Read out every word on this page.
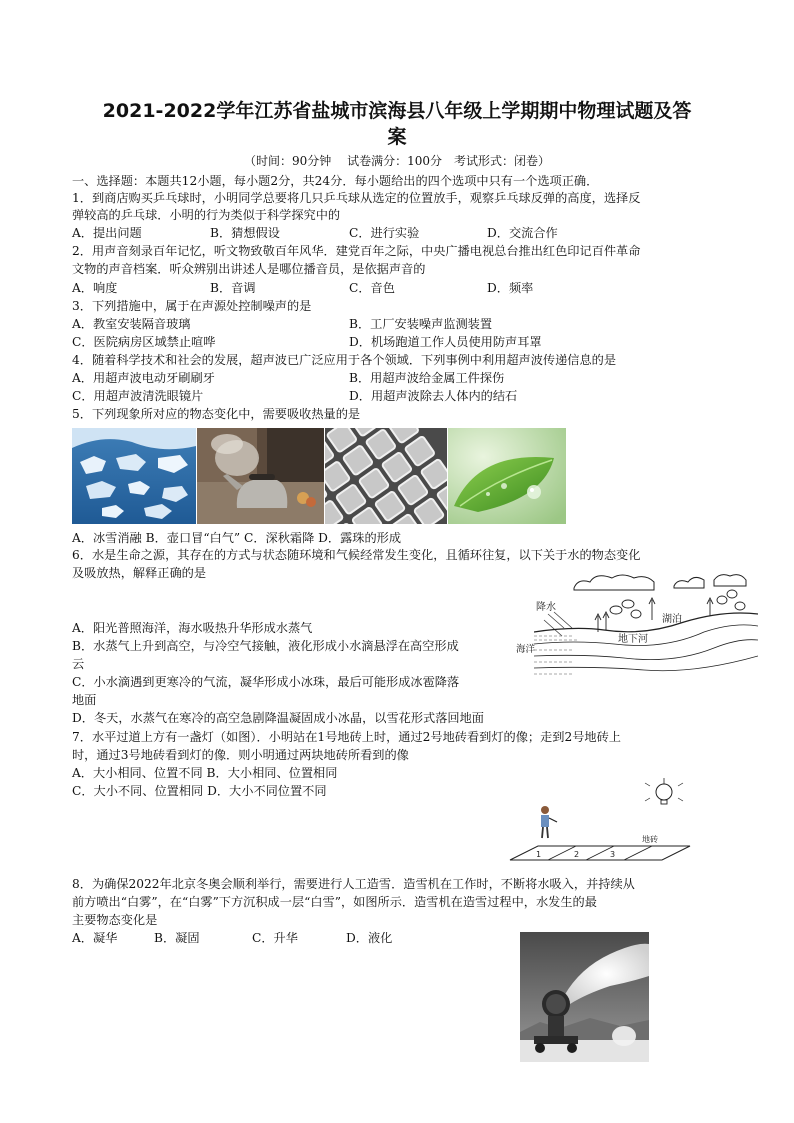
2021-2022学年江苏省盐城市滨海县八年级上学期期中物理试题及答
案
（时间：90分钟　 试卷满分：100分　考试形式：闭卷）
一、选择题：本题共12小题，每小题2分，共24分．每小题给出的四个选项中只有一个选项正确．
1．到商店购买乒乓球时，小明同学总要将几只乒乓球从选定的位置放手，观察乒乓球反弹的高度，选择反
弹较高的乒乓球．小明的行为类似于科学探究中的
A．提出问题	B．猜想假设	C．进行实验	D．交流合作
2．用声音刻录百年记忆，听文物致敬百年风华．建党百年之际，中央广播电视总台推出红色印记百件革命
文物的声音档案．听众辨别出讲述人是哪位播音员，是依据声音的
A．响度	B．音调	C．音色	D．频率
3．下列措施中，属于在声源处控制噪声的是
A．教室安装隔音玻璃	B．工厂安装噪声监测装置
C．医院病房区域禁止喧哗	D．机场跑道工作人员使用防声耳罩
4．随着科学技术和社会的发展，超声波已广泛应用于各个领域．下列事例中利用超声波传递信息的是
A．用超声波电动牙刷刷牙	B．用超声波给金属工件探伤
C．用超声波清洗眼镜片	D．用超声波除去人体内的结石
5．下列现象所对应的物态变化中，需要吸收热量的是
A．冰雪消融 B．壶口冒“白气” C．深秋霜降 D．露珠的形成
6．水是生命之源，其存在的方式与状态随环境和气候经常发生变化，且循环往复，以下关于水的物态变化
及吸放热，解释正确的是
降水
湖泊
地下河
A．阳光普照海洋，海水吸热升华形成水蒸气
B．水蒸气上升到高空，与冷空气接触，液化形成小水滴悬浮在高空形成	海洋
云
C．小水滴遇到更寒冷的气流，凝华形成小冰珠，最后可能形成冰雹降落
地面
D．冬天，水蒸气在寒冷的高空急剧降温凝固成小冰晶，以雪花形式落回地面
7．水平过道上方有一盏灯（如图）．小明站在1号地砖上时，通过2号地砖看到灯的像；走到2号地砖上
时，通过3号地砖看到灯的像．则小明通过两块地砖所看到的像
A．大小相同、位置不同 B．大小相同、位置相同
C．大小不同、位置相同 D．大小不同位置不同
1	2	3
地砖
8．为确保2022年北京冬奥会顺利举行，需要进行人工造雪．造雪机在工作时，不断将水吸入，并持续从
前方喷出“白雾”，在“白雾”下方沉积成一层“白雪”，如图所示．造雪机在造雪过程中，水发生的最
主要物态变化是
A．凝华	B．凝固	C．升华	D．液化
